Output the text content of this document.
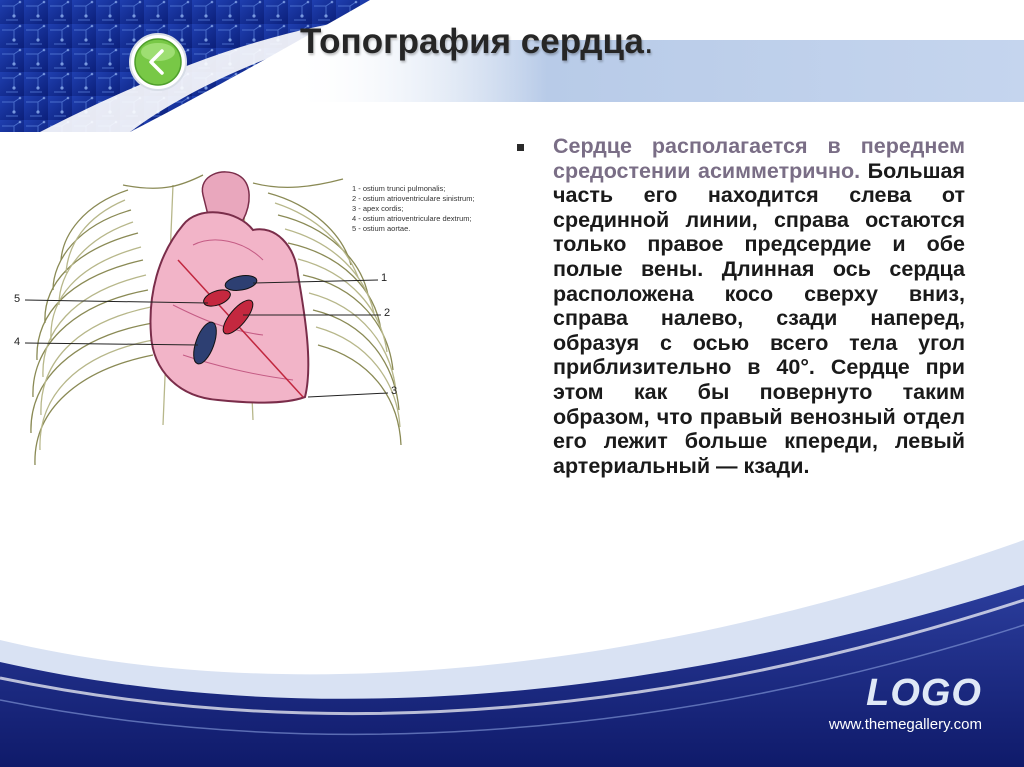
Топография сердца.
1 - ostium trunci pulmonalis;
2 - ostium atrioventriculare sinistrum;
3 - apex cordis;
4 - ostium atrioventriculare dextrum;
5 - ostium aortae.
1
2
3
4
5

Сердце располагается в переднем средостении асимметрично. Большая часть его находится слева от срединной линии, справа остаются только правое предсердие и обе полые вены. Длинная ось сердца расположена косо сверху вниз, справа налево, сзади наперед, образуя с осью всего тела угол приблизительно в 40°. Сердце при этом как бы повернуто таким образом, что правый венозный отдел его лежит больше кпереди, левый артериальный — кзади.

LOGO
www.themegallery.com
